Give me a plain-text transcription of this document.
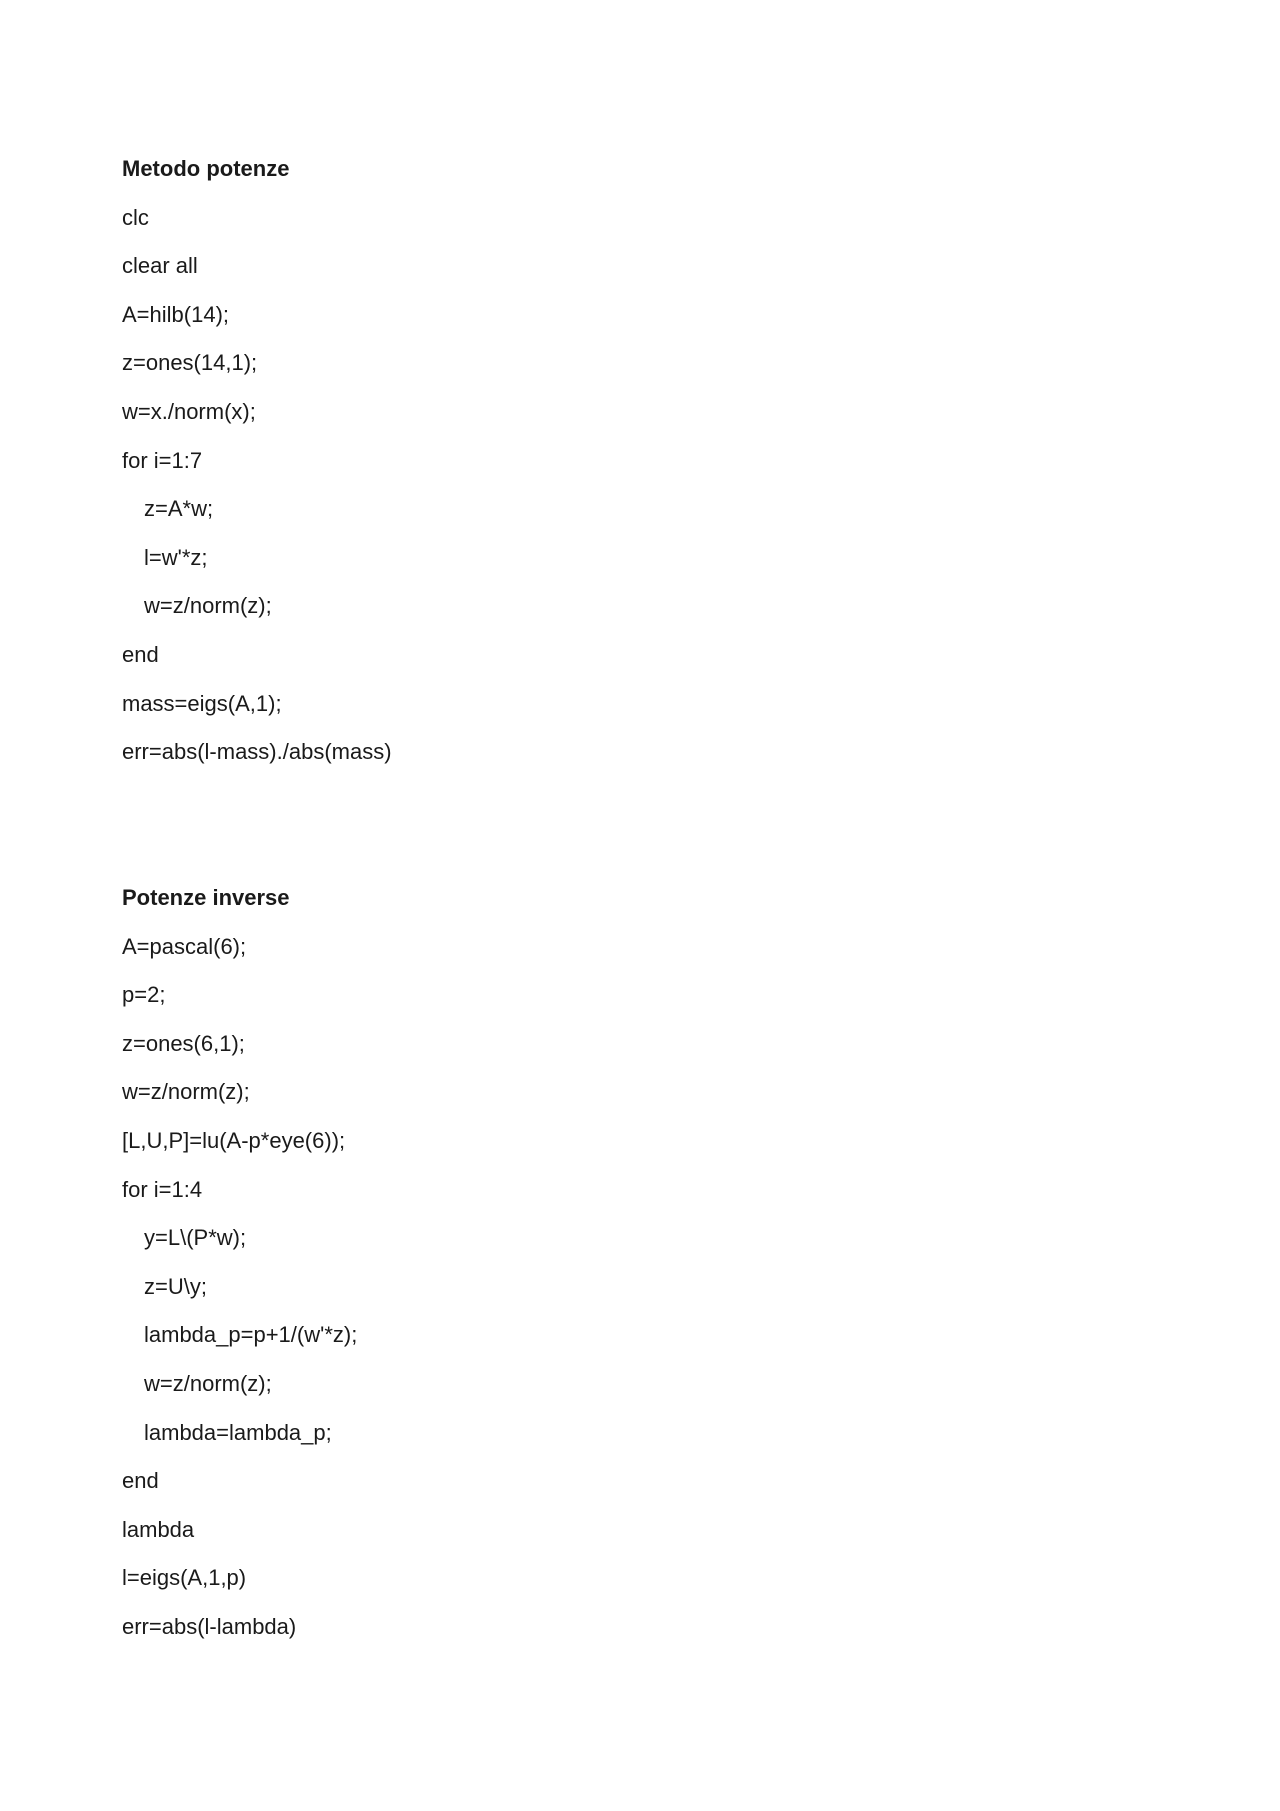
Metodo potenze
clc
clear all
A=hilb(14);
z=ones(14,1);
w=x./norm(x);
for i=1:7
z=A*w;
l=w'*z;
w=z/norm(z);
end
mass=eigs(A,1);
err=abs(l-mass)./abs(mass)
Potenze inverse
A=pascal(6);
p=2;
z=ones(6,1);
w=z/norm(z);
[L,U,P]=lu(A-p*eye(6));
for i=1:4
y=L\(P*w);
z=U\y;
lambda_p=p+1/(w'*z);
w=z/norm(z);
lambda=lambda_p;
end
lambda
l=eigs(A,1,p)
err=abs(l-lambda)
